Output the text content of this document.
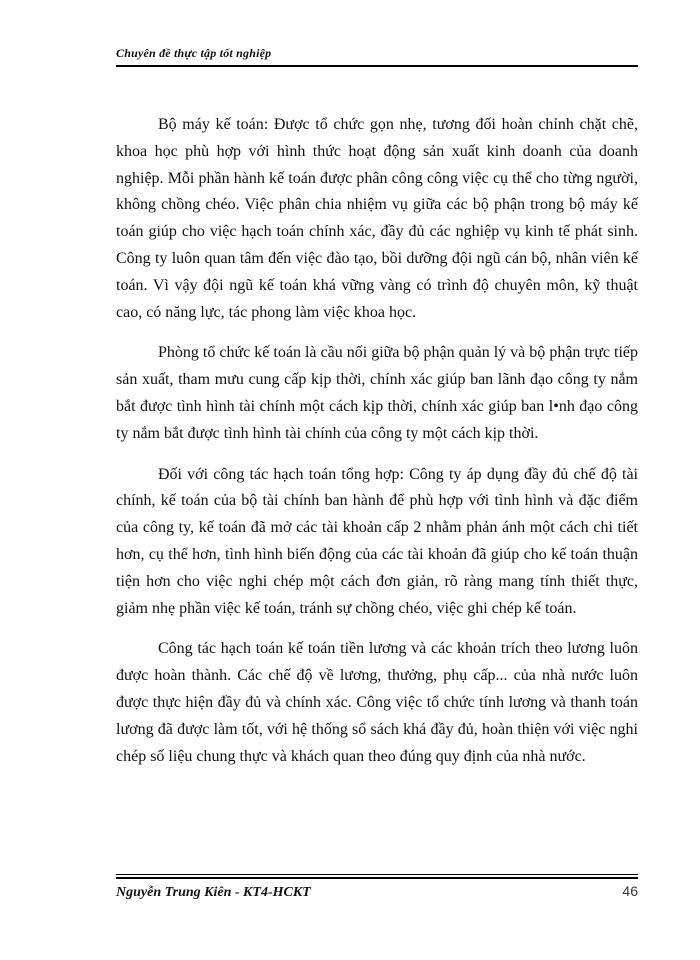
Chuyên đề thực tập tốt nghiệp

Bộ máy kế toán: Được tổ chức gọn nhẹ, tương đối hoàn chỉnh chặt chẽ, khoa học phù hợp với hình thức hoạt động sản xuất kinh doanh của doanh nghiệp. Mỗi phần hành kế toán được phân công công việc cụ thể cho từng người, không chồng chéo. Việc phân chia nhiệm vụ giữa các bộ phận trong bộ máy kế toán giúp cho việc hạch toán chính xác, đầy đủ các nghiệp vụ kinh tế phát sinh. Công ty luôn quan tâm đến việc đào tạo, bồi dưỡng đội ngũ cán bộ, nhân viên kế toán. Vì vậy đội ngũ kế toán khá vững vàng có trình độ chuyên môn, kỹ thuật cao, có năng lực, tác phong làm việc khoa học.

Phòng tổ chức kế toán là cầu nối giữa bộ phận quản lý và bộ phận trực tiếp sản xuất, tham mưu cung cấp kịp thời, chính xác giúp ban lãnh đạo công ty nắm bắt được tình hình tài chính một cách kịp thời, chính xác giúp ban l•nh đạo công ty nắm bắt được tình hình tài chính của công ty một cách kịp thời.

Đối với công tác hạch toán tổng hợp: Công ty áp dụng đầy đủ chế độ tài chính, kế toán của bộ tài chính ban hành để phù hợp với tình hình và đặc điểm của công ty, kế toán đã mở các tài khoản cấp 2 nhằm phản ánh một cách chi tiết hơn, cụ thể hơn, tình hình biến động của các tài khoản đã giúp cho kế toán thuận tiện hơn cho việc nghi chép một cách đơn giản, rõ ràng mang tính thiết thực, giảm nhẹ phần việc kế toán, tránh sự chồng chéo, việc ghi chép kế toán.

Công tác hạch toán kế toán tiền lương và các khoản trích theo lương luôn được hoàn thành. Các chế độ về lương, thưởng, phụ cấp... của nhà nước luôn được thực hiện đầy đủ và chính xác. Công việc tổ chức tính lương và thanh toán lương đã được làm tốt, với hệ thống sổ sách khá đầy đủ, hoàn thiện với việc nghi chép số liệu chung thực và khách quan theo đúng quy định của nhà nước.

Nguyễn Trung Kiên - KT4-HCKT	46
